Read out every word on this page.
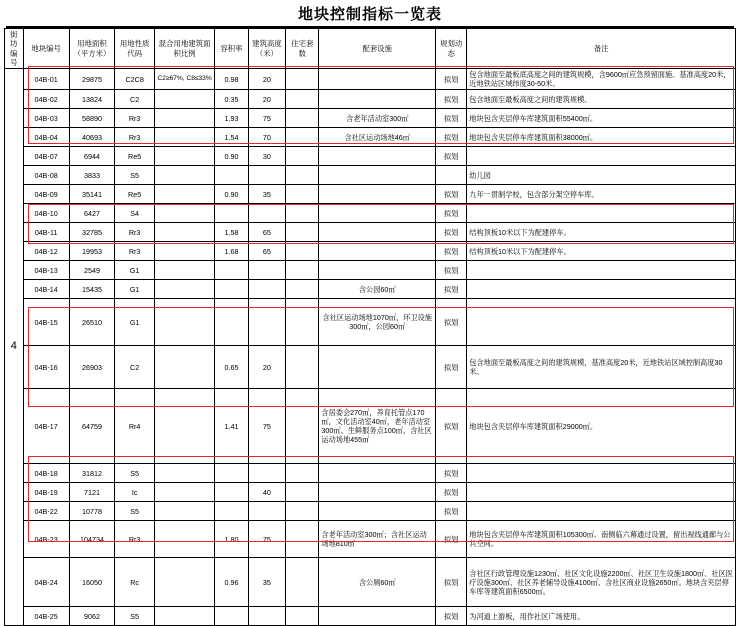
地块控制指标一览表
街坊编号	地块编号	用地面积（平方米）	用地性质代码	混合用地建筑面积比例	容积率	建筑高度（米）	住宅套数	配套设施	规划动态	备注
4	04B-01	29875	C2C8	C2≥67%, C8≤33%	0.98	20			拟划	包含地面至最板底高度之间的建筑规模，含9600㎡应急预留面施。基准高度20米，近地铁站区域纬度30-50米。
	04B-02	13824	C2		0.35	20			拟划	包含地面至最板高度之间的建筑规模。
	04B-03	58890	Rr3		1.93	75		含老年活动室300㎡	拟划	地块包含夹层停车库建筑面积55400㎡。
	04B-04	40693	Rr3		1.54	70		含社区运动场地46㎡	拟划	地块包含夹层停车库建筑面积38000㎡。
	04B-07	6944	Re5		0.90	30			拟划	
	04B-08	3833	S5							幼儿园
	04B-09	35141	Re5		0.90	35			拟划	九年一贯制学校，包含部分架空停车库。
	04B-10	6427	S4						拟划	
	04B-11	32785	Rr3		1.58	65			拟划	结构顶板10米以下为配建停车。
	04B-12	19953	Rr3		1.68	65			拟划	结构顶板10米以下为配建停车。
	04B-13	2549	G1						拟划	
	04B-14	15435	G1					含公园60㎡	拟划	
	04B-15	26510	G1					含社区运动场地1070㎡，环卫设施300㎡，公园60㎡	拟划	
	04B-16	26903	C2		0.65	20			拟划	包含地面至最板高度之间的建筑规模，基准高度20米，近地铁站区域控制高度30米。
	04B-17	64759	Rr4		1.41	75		含居委会270㎡，养育托管点170㎡，文化活动室40㎡，老年活动室300㎡、生鲜服务点100㎡、含社区运动场地455㎡	拟划	地块包含夹层停车库建筑面积29000㎡。
	04B-18	31812	S5						拟划	
	04B-19	7121	Ic			40			拟划	
	04B-22	10778	S5						拟划	
	04B-23	104734	Rr3		1.80	75		含老年活动室300㎡；含社区运动场地810㎡	拟划	地块包含夹层停车库建筑面积105300㎡。南侧临六幕通过设置，留出视线通廊与公共空间。
	04B-24	16050	Rc		0.96	35		含公厕60㎡	拟划	含社区行政管理设施1230㎡、社区文化设施2200㎡、社区卫生设施1800㎡、社区医疗设施300㎡、社区养老辅导设施4100㎡、含社区商业设施2650㎡。地块含夹层停车库等建筑面积6500㎡。
	04B-25	9062	S5						拟划	为河道上游板，用作社区广场使用。
